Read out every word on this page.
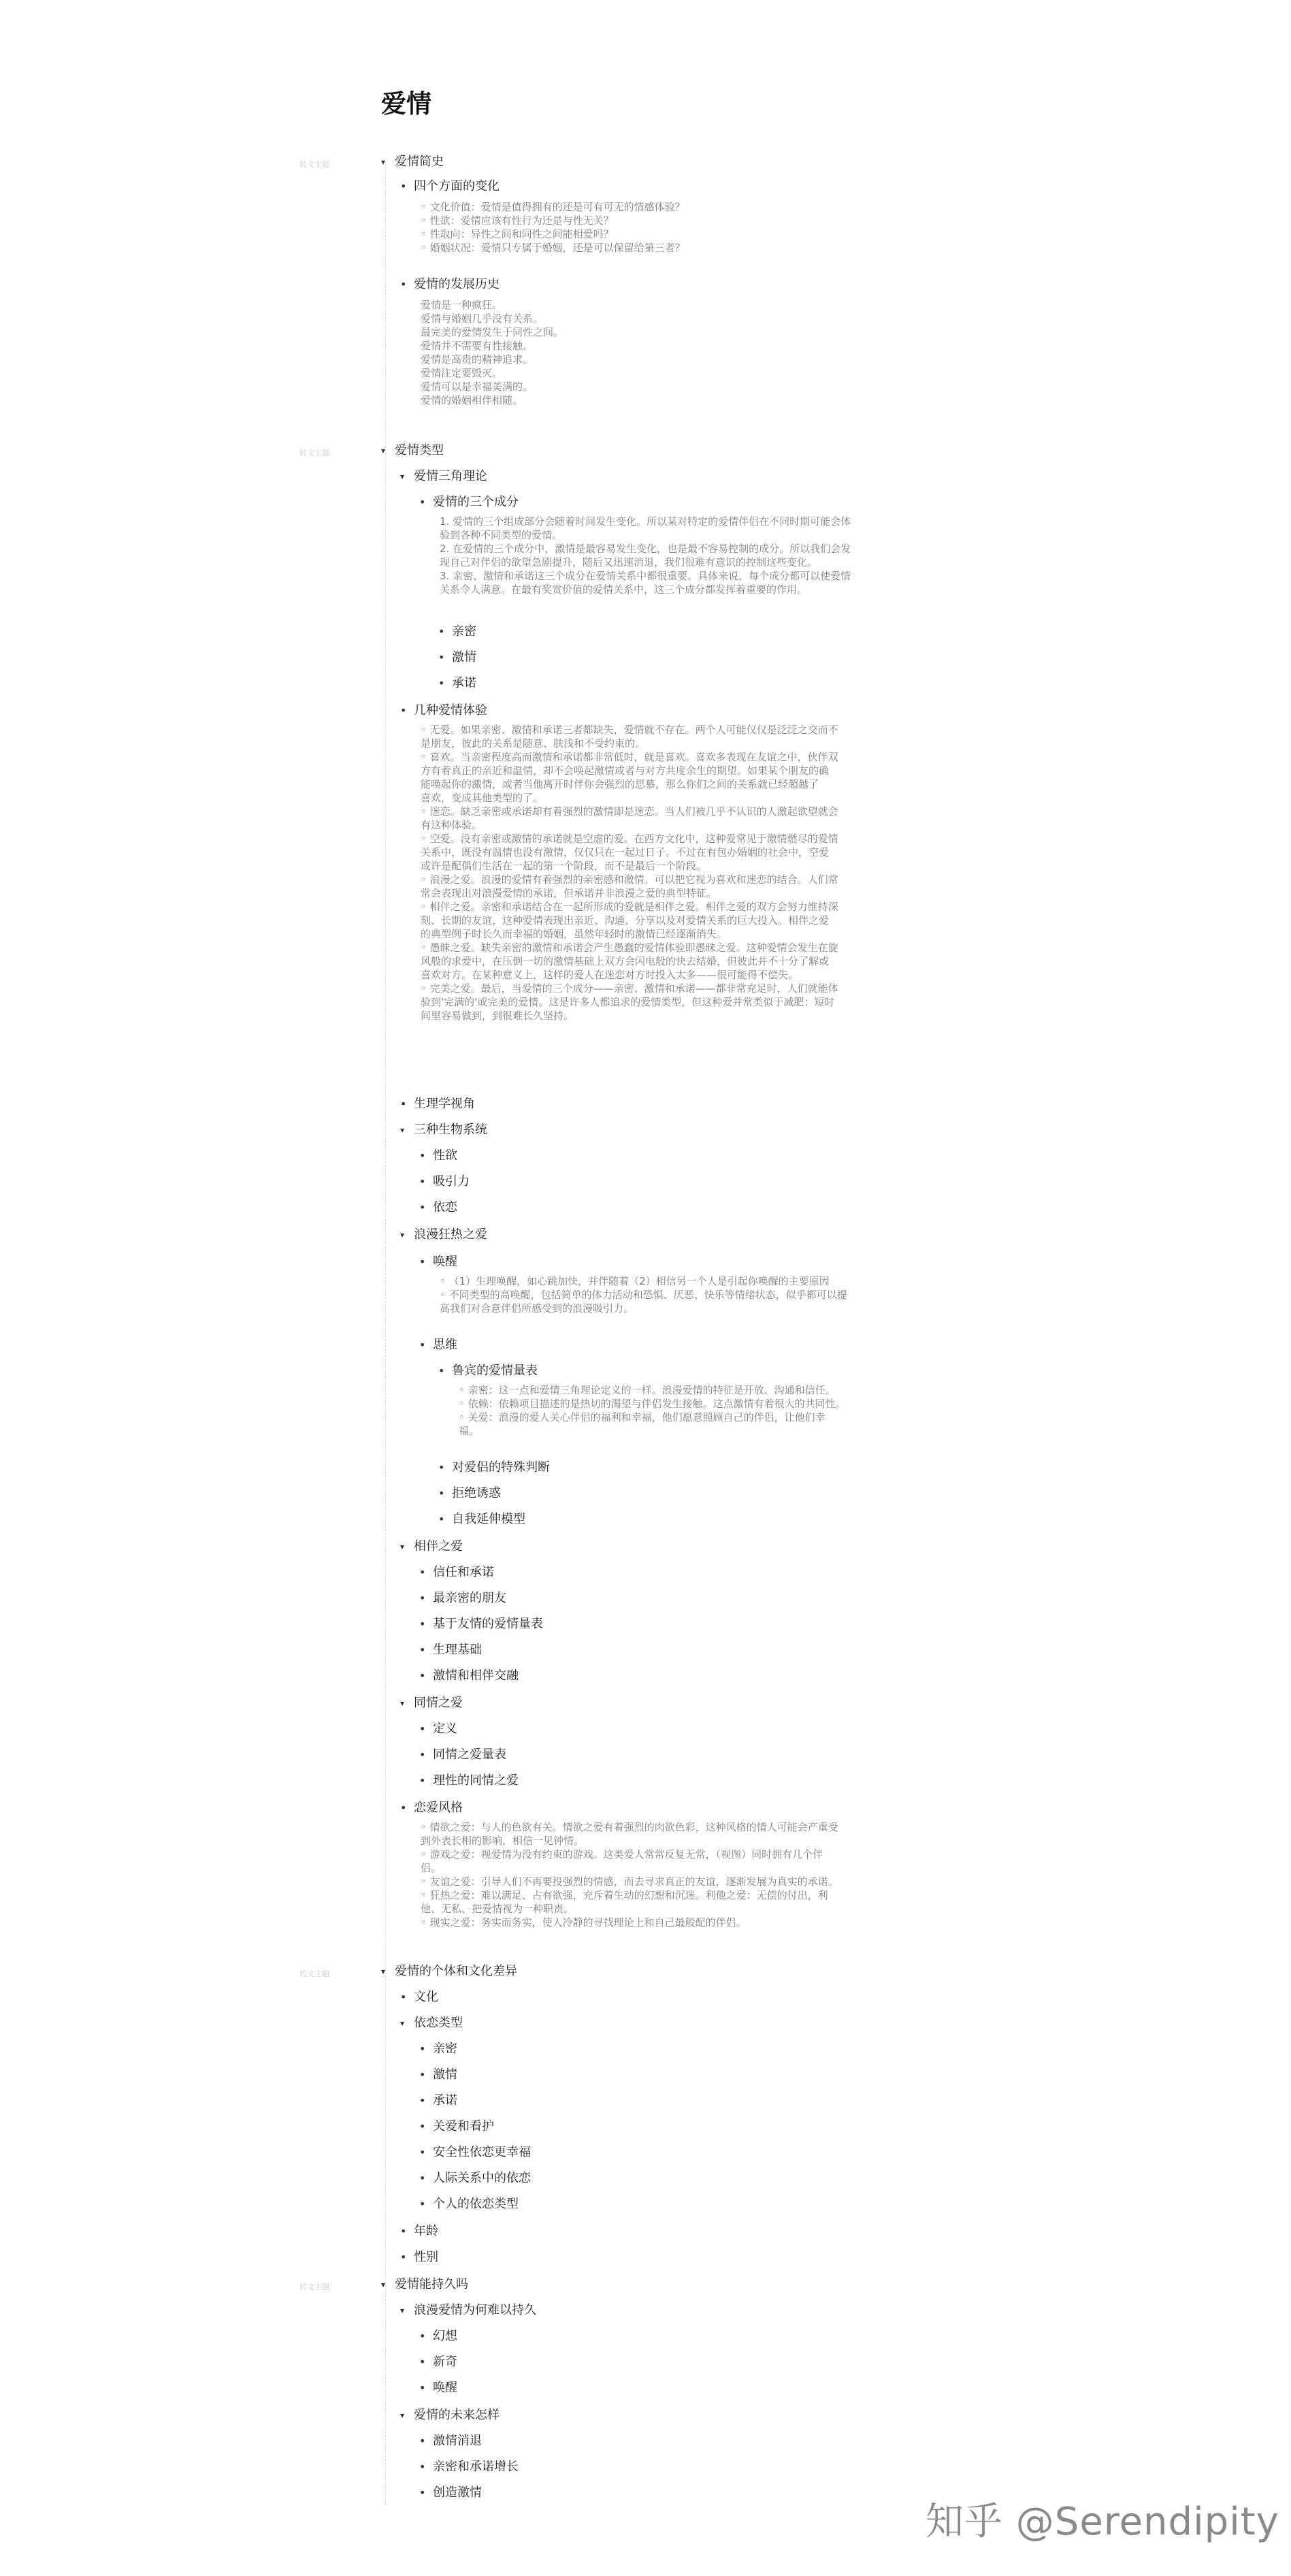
爱情
▾ 爱情简史
• 四个方面的变化
◦ 文化价值：爱情是值得拥有的还是可有可无的情感体验？
◦ 性欲：爱情应该有性行为还是与性无关？
◦ 性取向：异性之间和同性之间能相爱吗？
◦ 婚姻状况：爱情只专属于婚姻，还是可以保留给第三者？
• 爱情的发展历史
爱情是一种疯狂。
爱情与婚姻几乎没有关系。
最完美的爱情发生于同性之间。
爱情并不需要有性接触。
爱情是高贵的精神追求。
爱情注定要毁灭。
爱情可以是幸福美满的。
爱情的婚姻相伴相随。
▾ 爱情类型
▾ 爱情三角理论
• 爱情的三个成分
1. 爱情的三个组成部分会随着时间发生变化。所以某对特定的爱情伴侣在不同时期可能会体
验到各种不同类型的爱情。
2. 在爱情的三个成分中，激情是最容易发生变化，也是最不容易控制的成分。所以我们会发
现自己对伴侣的欲望急剧提升，随后又迅速消退，我们很难有意识的控制这些变化。
3. 亲密、激情和承诺这三个成分在爱情关系中都很重要。具体来说，每个成分都可以使爱情
关系令人满意。在最有奖赏价值的爱情关系中，这三个成分都发挥着重要的作用。
• 亲密
• 激情
• 承诺
• 几种爱情体验
◦ 无爱。如果亲密、激情和承诺三者都缺失，爱情就不存在。两个人可能仅仅是泛泛之交而不
是朋友，彼此的关系是随意、肤浅和不受约束的。
◦ 喜欢。当亲密程度高而激情和承诺都非常低时，就是喜欢。喜欢多表现在友谊之中，伙伴双
方有着真正的亲近和温情，却不会唤起激情或者与对方共度余生的期望。如果某个朋友的确
能唤起你的激情，或者当他离开时伴你会强烈的思慕，那么你们之间的关系就已经超越了
喜欢，变成其他类型的了。
◦ 迷恋。缺乏亲密或承诺却有着强烈的激情即是迷恋。当人们被几乎不认识的人激起欲望就会
有这种体验。
◦ 空爱。没有亲密或激情的承诺就是空虚的爱。在西方文化中，这种爱常见于激情燃尽的爱情
关系中，既没有温情也没有激情，仅仅只在一起过日子。不过在有包办婚姻的社会中，空爱
或许是配偶们生活在一起的第一个阶段，而不是最后一个阶段。
◦ 浪漫之爱。浪漫的爱情有着强烈的亲密感和激情。可以把它视为喜欢和迷恋的结合。人们常
常会表现出对浪漫爱情的承诺，但承诺并非浪漫之爱的典型特征。
◦ 相伴之爱。亲密和承诺结合在一起所形成的爱就是相伴之爱。相伴之爱的双方会努力维持深
刻、长期的友谊，这种爱情表现出亲近、沟通、分享以及对爱情关系的巨大投入。相伴之爱
的典型例子时长久而幸福的婚姻，虽然年轻时的激情已经逐渐消失。
◦ 愚昧之爱。缺失亲密的激情和承诺会产生愚蠢的爱情体验即愚昧之爱。这种爱情会发生在旋
风般的求爱中，在压倒一切的激情基础上双方会闪电般的快去结婚，但彼此并不十分了解或
喜欢对方。在某种意义上，这样的爱人在迷恋对方时投入太多——很可能得不偿失。
◦ 完美之爱。最后，当爱情的三个成分——亲密、激情和承诺——都非常充足时，人们就能体
验到'完满的'或完美的爱情。这是许多人都追求的爱情类型，但这种爱并常类似于减肥：短时
间里容易做到，到很难长久坚持。
• 生理学视角
▾ 三种生物系统
• 性欲
• 吸引力
• 依恋
▾ 浪漫狂热之爱
• 唤醒
◦ （1）生理唤醒，如心跳加快，并伴随着（2）相信另一个人是引起你唤醒的主要原因
◦ 不同类型的高唤醒，包括简单的体力活动和恐惧、厌恶、快乐等情绪状态，似乎都可以提
高我们对合意伴侣所感受到的浪漫吸引力。
• 思维
• 鲁宾的爱情量表
◦ 亲密：这一点和爱情三角理论定义的一样。浪漫爱情的特征是开放、沟通和信任。
◦ 依赖：依赖项目描述的是热切的渴望与伴侣发生接触。这点激情有着很大的共同性。
◦ 关爱：浪漫的爱人关心伴侣的福利和幸福，他们愿意照顾自己的伴侣，让他们幸
福。
• 对爱侣的特殊判断
• 拒绝诱惑
• 自我延伸模型
▾ 相伴之爱
• 信任和承诺
• 最亲密的朋友
• 基于友情的爱情量表
• 生理基础
• 激情和相伴交融
▾ 同情之爱
• 定义
• 同情之爱量表
• 理性的同情之爱
• 恋爱风格
◦ 情欲之爱：与人的色欲有关。情欲之爱有着强烈的肉欲色彩，这种风格的情人可能会产重受
到外表长相的影响，相信一见钟情。
◦ 游戏之爱：视爱情为没有约束的游戏。这类爱人常常反复无常，（视图）同时拥有几个伴
侣。
◦ 友谊之爱：引导人们不再要投强烈的情感，而去寻求真正的友谊，逐渐发展为真实的承诺。
◦ 狂热之爱：难以满足、占有欲强，充斥着生动的幻想和沉迷。利他之爱：无偿的付出，利
他、无私、把爱情视为一种职责。
◦ 现实之爱：务实而务实，使人冷静的寻找理论上和自己最般配的伴侣。
▾ 爱情的个体和文化差异
• 文化
▾ 依恋类型
• 亲密
• 激情
• 承诺
• 关爱和看护
• 安全性依恋更幸福
• 人际关系中的依恋
• 个人的依恋类型
• 年龄
• 性别
▾ 爱情能持久吗
▾ 浪漫爱情为何难以持久
• 幻想
• 新奇
• 唤醒
▾ 爱情的未来怎样
• 激情消退
• 亲密和承诺增长
• 创造激情
知乎 @Serendipity
转文主题
转文主题
转文主题
转文主题
